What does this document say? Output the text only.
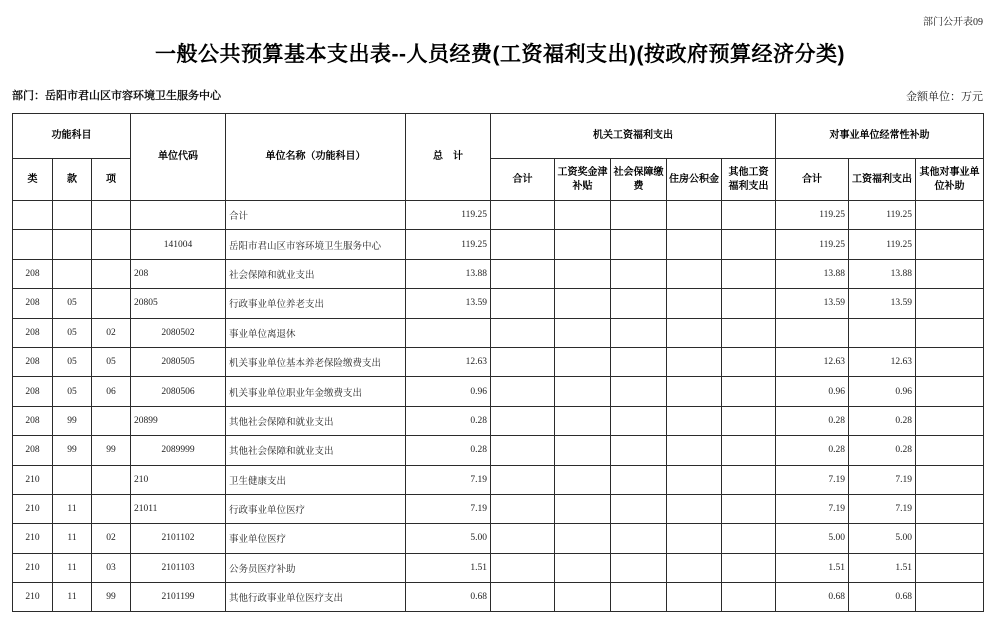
部门公开表09
一般公共预算基本支出表--人员经费(工资福利支出)(按政府预算经济分类)
部门：岳阳市君山区市容环境卫生服务中心	金额单位：万元
功能科目			单位代码	单位名称（功能科目）	总　计	机关工资福利支出					对事业单位经常性补助		
类	款	项				合计	工资奖金津补贴	社会保障缴费	住房公积金	其他工资福利支出	合计	工资福利支出	其他对事业单位补助
				合计	119.25						119.25	119.25	
			141004	岳阳市君山区市容环境卫生服务中心	119.25						119.25	119.25	
208			208	社会保障和就业支出	13.88						13.88	13.88	
208	05		20805	行政事业单位养老支出	13.59						13.59	13.59	
208	05	02	2080502	事业单位离退休									
208	05	05	2080505	机关事业单位基本养老保险缴费支出	12.63						12.63	12.63	
208	05	06	2080506	机关事业单位职业年金缴费支出	0.96						0.96	0.96	
208	99		20899	其他社会保障和就业支出	0.28						0.28	0.28	
208	99	99	2089999	其他社会保障和就业支出	0.28						0.28	0.28	
210			210	卫生健康支出	7.19						7.19	7.19	
210	11		21011	行政事业单位医疗	7.19						7.19	7.19	
210	11	02	2101102	事业单位医疗	5.00						5.00	5.00	
210	11	03	2101103	公务员医疗补助	1.51						1.51	1.51	
210	11	99	2101199	其他行政事业单位医疗支出	0.68						0.68	0.68	
